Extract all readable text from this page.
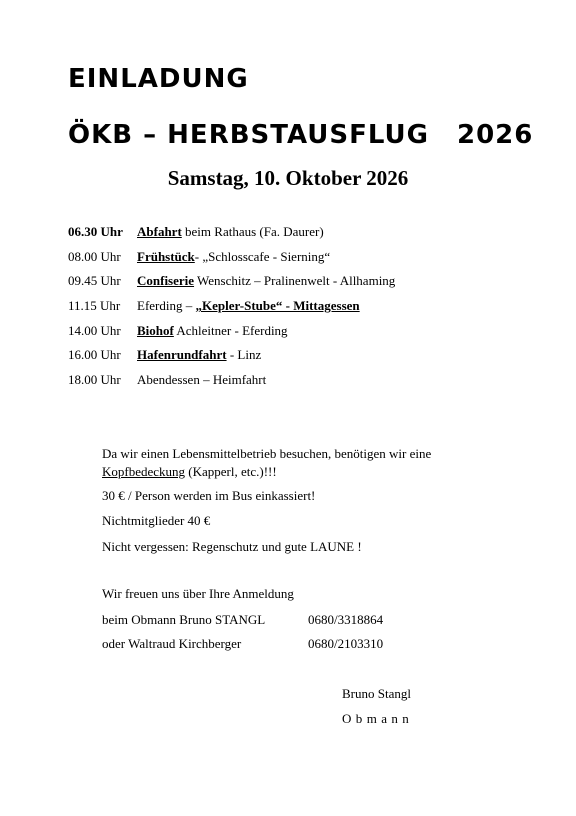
EINLADUNG
ÖKB – HERBSTAUSFLUG 2026
Samstag, 10. Oktober 2026
06.30 Uhr Abfahrt beim Rathaus (Fa. Daurer)
08.00 Uhr Frühstück- „Schlosscafe - Sierning“
09.45 Uhr Confiserie Wenschitz – Pralinenwelt - Allhaming
11.15 Uhr Eferding – „Kepler-Stube“ - Mittagessen
14.00 Uhr Biohof Achleitner - Eferding
16.00 Uhr Hafenrundfahrt - Linz
18.00 Uhr Abendessen – Heimfahrt
Da wir einen Lebensmittelbetrieb besuchen, benötigen wir eine
Kopfbedeckung (Kapperl, etc.)!!!
30 € / Person werden im Bus einkassiert!
Nichtmitglieder 40 €
Nicht vergessen: Regenschutz und gute LAUNE !
Wir freuen uns über Ihre Anmeldung
beim Obmann Bruno STANGL	0680/3318864
oder Waltraud Kirchberger	0680/2103310
Bruno Stangl
Obmann
